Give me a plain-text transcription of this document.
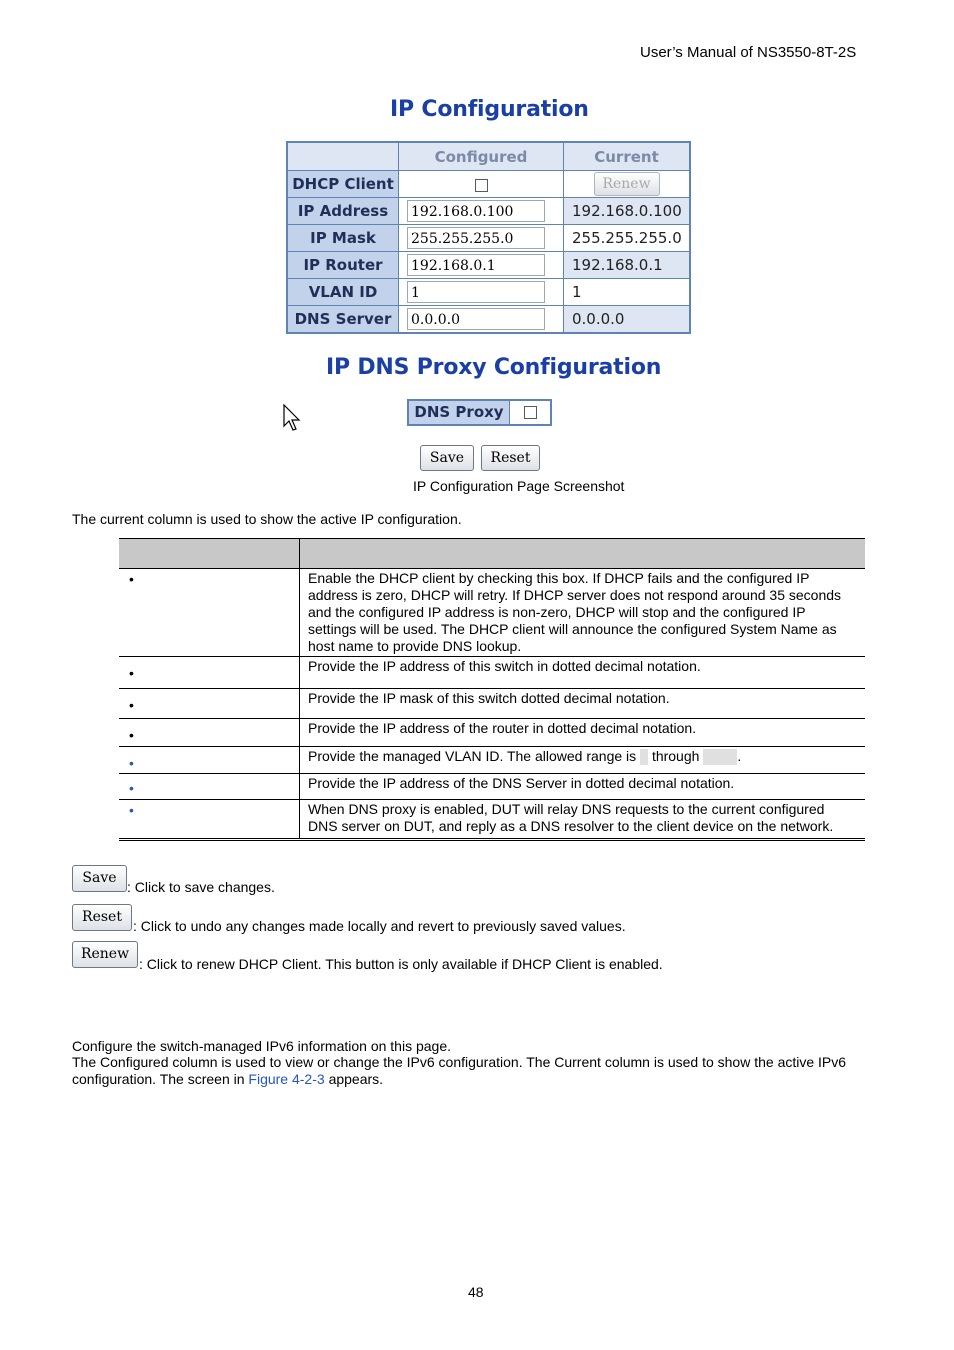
User’s Manual of NS3550-8T-2S
IP Configuration
	Configured	Current
DHCP Client		Renew
IP Address	192.168.0.100	192.168.0.100
IP Mask	255.255.255.0	255.255.255.0
IP Router	192.168.0.1	192.168.0.1
VLAN ID	1	1
DNS Server	0.0.0.0	0.0.0.0
IP DNS Proxy Configuration
DNS Proxy
Save	Reset
IP Configuration Page Screenshot
The current column is used to show the active IP configuration.

•	Enable the DHCP client by checking this box. If DHCP fails and the configured IP address is zero, DHCP will retry. If DHCP server does not respond around 35 seconds and the configured IP address is non-zero, DHCP will stop and the configured IP settings will be used. The DHCP client will announce the configured System Name as host name to provide DNS lookup.
•	Provide the IP address of this switch in dotted decimal notation.
•	Provide the IP mask of this switch dotted decimal notation.
•	Provide the IP address of the router in dotted decimal notation.
•	Provide the managed VLAN ID. The allowed range is through .
•	Provide the IP address of the DNS Server in dotted decimal notation.
•	When DNS proxy is enabled, DUT will relay DNS requests to the current configured DNS server on DUT, and reply as a DNS resolver to the client device on the network.
Save
: Click to save changes.
Reset
: Click to undo any changes made locally and revert to previously saved values.
Renew
: Click to renew DHCP Client. This button is only available if DHCP Client is enabled.
Configure the switch-managed IPv6 information on this page.
The Configured column is used to view or change the IPv6 configuration. The Current column is used to show the active IPv6
configuration. The screen in Figure 4-2-3 appears.
48
